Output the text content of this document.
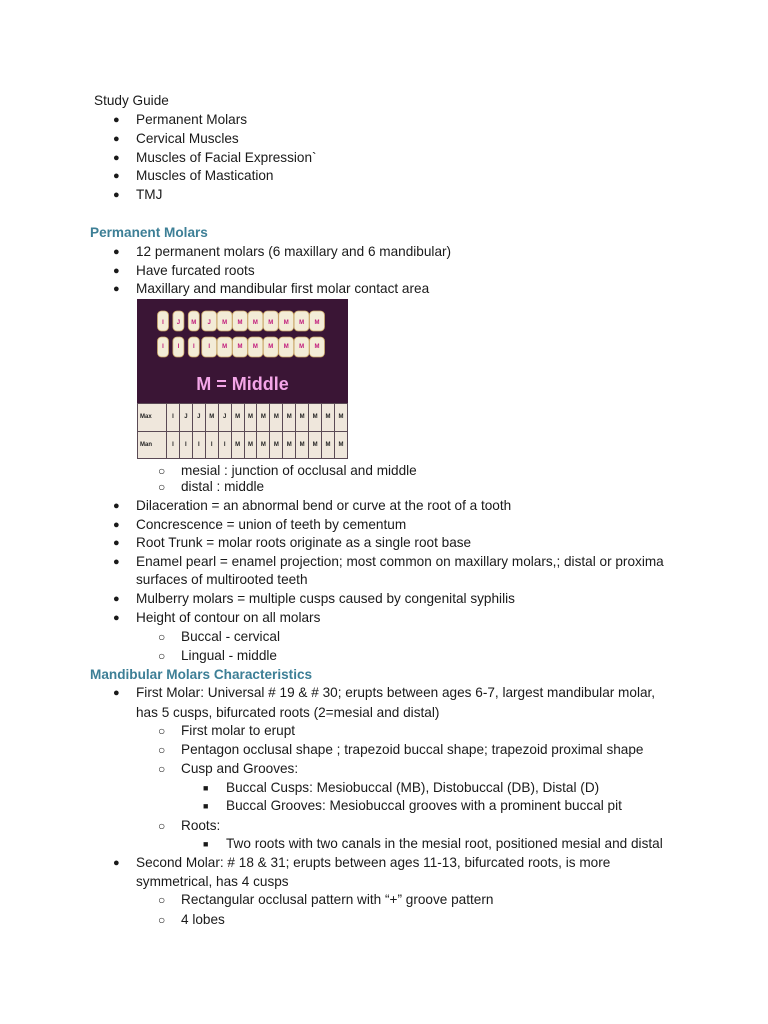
Study Guide
● Permanent Molars
● Cervical Muscles
● Muscles of Facial Expression`
● Muscles of Mastication
● TMJ
Permanent Molars
● 12 permanent molars (6 maxillary and 6 mandibular)
● Have furcated roots
● Maxillary and mandibular first molar contact area
I J M J M M M M M M M
I I I I M M M M M M M
M = Middle
Max	I	J	J	M	J	M	M	M	M	M	M	M	M	M
Man	I	I	I	I	I	M	M	M	M	M	M	M	M	M
○ mesial : junction of occlusal and middle
○ distal : middle
● Dilaceration = an abnormal bend or curve at the root of a tooth
● Concrescence = union of teeth by cementum
● Root Trunk = molar roots originate as a single root base
● Enamel pearl = enamel projection; most common on maxillary molars,; distal or proxima
surfaces of multirooted teeth
● Mulberry molars = multiple cusps caused by congenital syphilis
● Height of contour on all molars
○ Buccal - cervical
○ Lingual - middle
Mandibular Molars Characteristics
● First Molar: Universal # 19 & # 30; erupts between ages 6-7, largest mandibular molar,
has 5 cusps, bifurcated roots (2=mesial and distal)
○ First molar to erupt
○ Pentagon occlusal shape ; trapezoid buccal shape; trapezoid proximal shape
○ Cusp and Grooves:
■ Buccal Cusps: Mesiobuccal (MB), Distobuccal (DB), Distal (D)
■ Buccal Grooves: Mesiobuccal grooves with a prominent buccal pit
○ Roots:
■ Two roots with two canals in the mesial root, positioned mesial and distal
● Second Molar: # 18 & 31; erupts between ages 11-13, bifurcated roots, is more
symmetrical, has 4 cusps
○ Rectangular occlusal pattern with “+” groove pattern
○ 4 lobes
